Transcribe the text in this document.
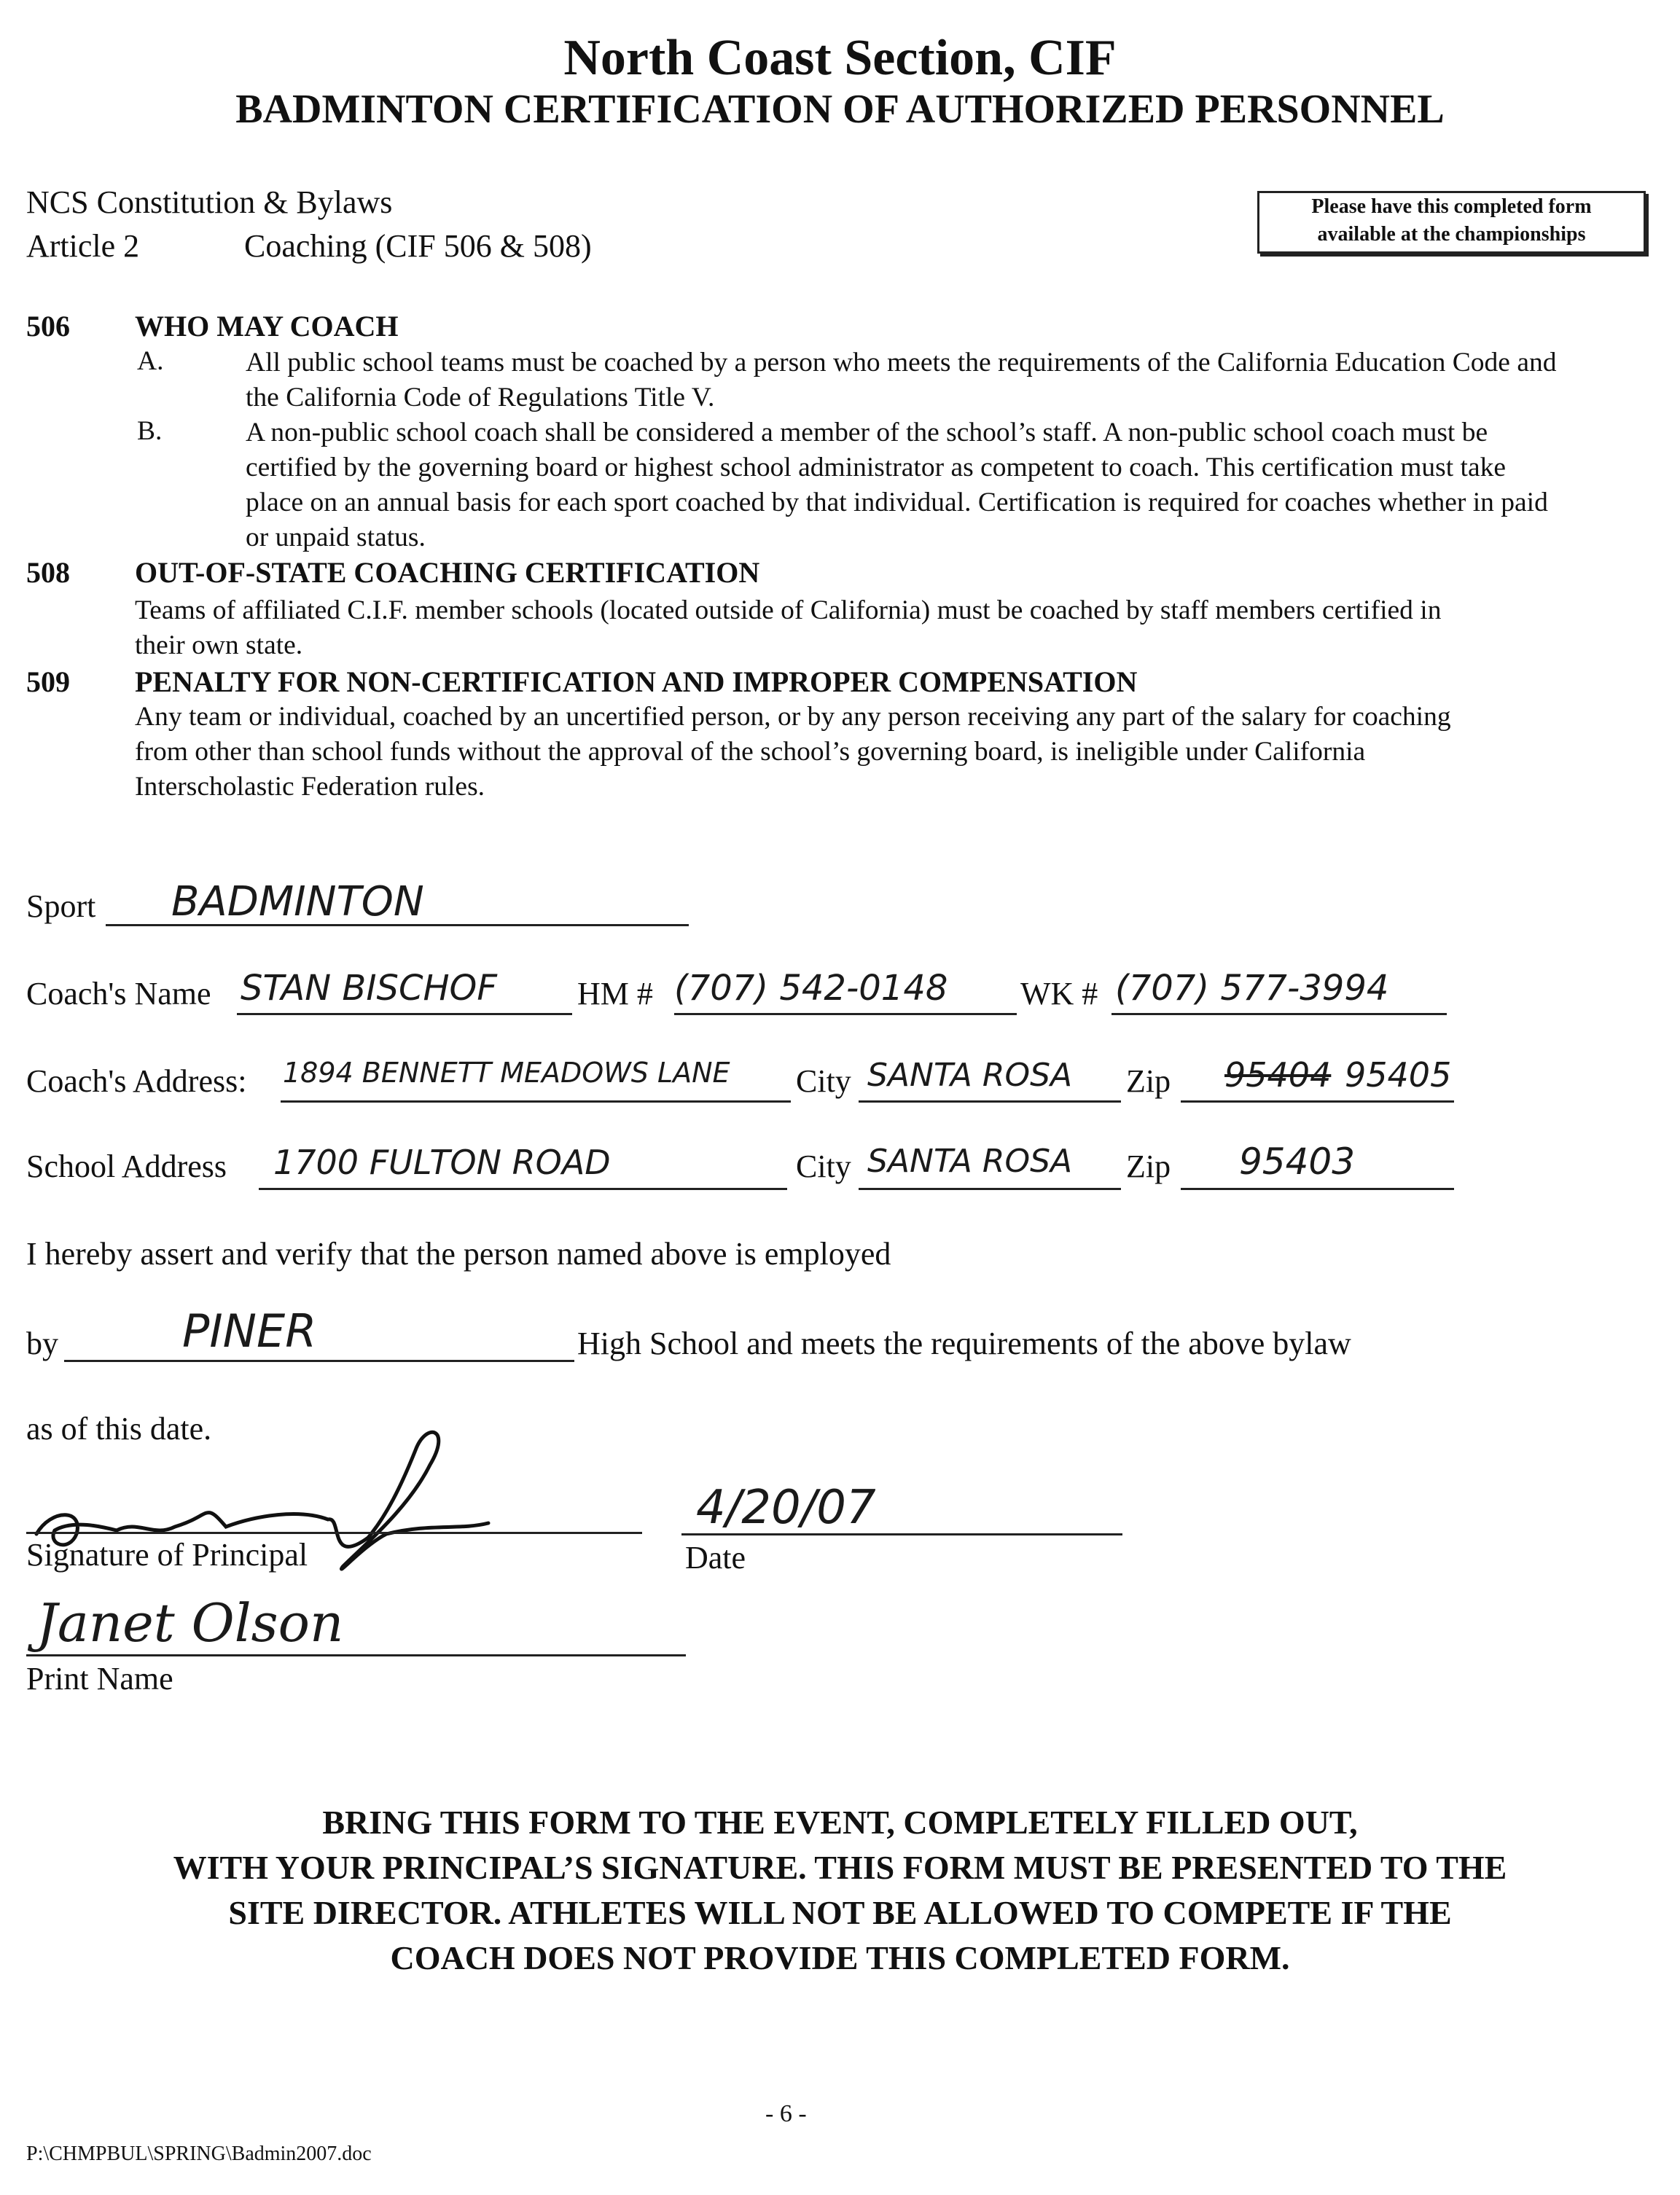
North Coast Section, CIF
BADMINTON CERTIFICATION OF AUTHORIZED PERSONNEL
NCS Constitution & Bylaws
Article 2	Coaching (CIF 506 & 508)
Please have this completed form
available at the championships
506 WHO MAY COACH
A.	All public school teams must be coached by a person who meets the requirements of the California Education Code and the California Code of Regulations Title V.
B.	A non-public school coach shall be considered a member of the school’s staff. A non-public school coach must be certified by the governing board or highest school administrator as competent to coach. This certification must take place on an annual basis for each sport coached by that individual. Certification is required for coaches whether in paid or unpaid status.
508 OUT-OF-STATE COACHING CERTIFICATION
Teams of affiliated C.I.F. member schools (located outside of California) must be coached by staff members certified in their own state.
509 PENALTY FOR NON-CERTIFICATION AND IMPROPER COMPENSATION
Any team or individual, coached by an uncertified person, or by any person receiving any part of the salary for coaching from other than school funds without the approval of the school’s governing board, is ineligible under California Interscholastic Federation rules.
Sport BADMINTON
Coach's Name STAN BISCHOF	HM # (707) 542-0148 WK # (707) 577-3994
Coach's Address: 1894 BENNETT MEADOWS LANE City SANTA ROSA Zip 95404 95405
School Address 1700 FULTON ROAD	City SANTA ROSA Zip 95403
I hereby assert and verify that the person named above is employed
by	PINER	High School and meets the requirements of the above bylaw
as of this date.
Signature of Principal
4/20/07
Date
Janet Olson
Print Name
BRING THIS FORM TO THE EVENT, COMPLETELY FILLED OUT,
WITH YOUR PRINCIPAL’S SIGNATURE. THIS FORM MUST BE PRESENTED TO THE
SITE DIRECTOR. ATHLETES WILL NOT BE ALLOWED TO COMPETE IF THE
COACH DOES NOT PROVIDE THIS COMPLETED FORM.
- 6 -
P:\CHMPBUL\SPRING\Badmin2007.doc
